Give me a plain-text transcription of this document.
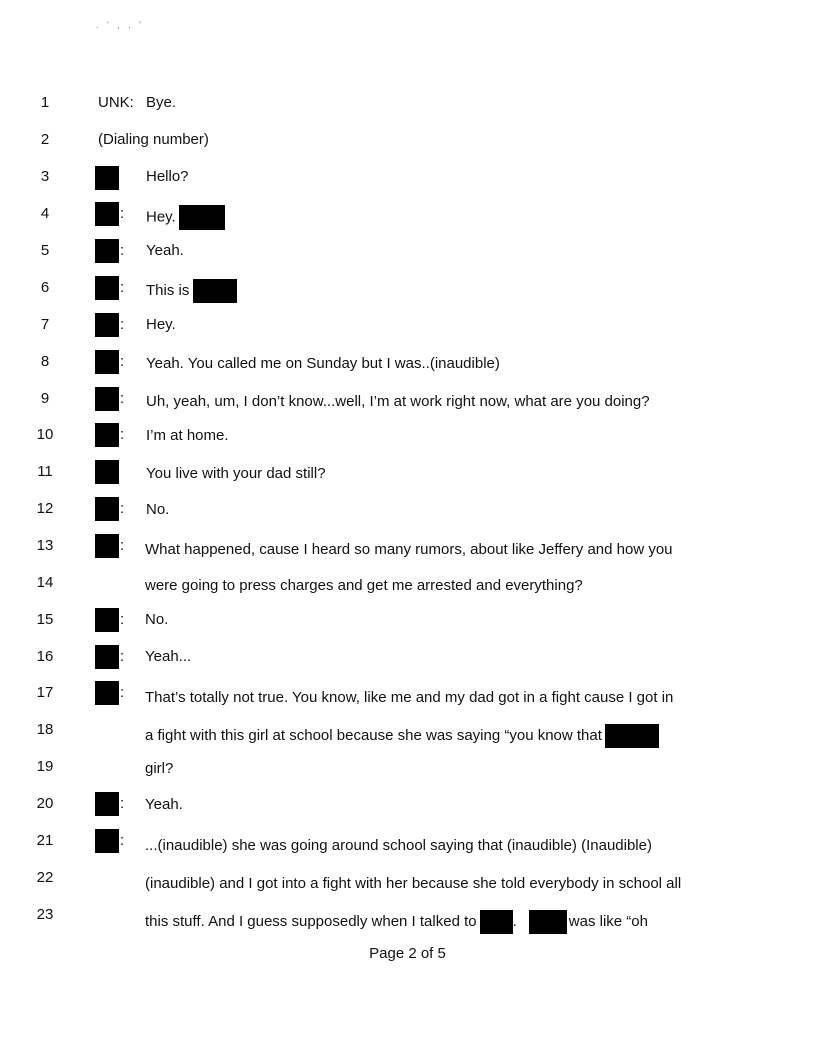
. ' , . '
1	UNK: Bye.
2	(Dialing number)
3	Hello?
4	: Hey.
5	: Yeah.
6	: This is
7	: Hey.
8	: Yeah. You called me on Sunday but I was..(inaudible)
9	: Uh, yeah, um, I don’t know...well, I’m at work right now, what are you doing?
10	: I’m at home.
11	You live with your dad still?
12	: No.
13	: What happened, cause I heard so many rumors, about like Jeffery and how you
14	were going to press charges and get me arrested and everything?
15	: No.
16	: Yeah...
17	: That’s totally not true. You know, like me and my dad got in a fight cause I got in
18	a fight with this girl at school because she was saying “you know that
19	girl?
20	: Yeah.
21	: ...(inaudible) she was going around school saying that (inaudible) (Inaudible)
22	(inaudible) and I got into a fight with her because she told everybody in school all
23	this stuff. And I guess supposedly when I talked to .	was like “oh
Page 2 of 5
